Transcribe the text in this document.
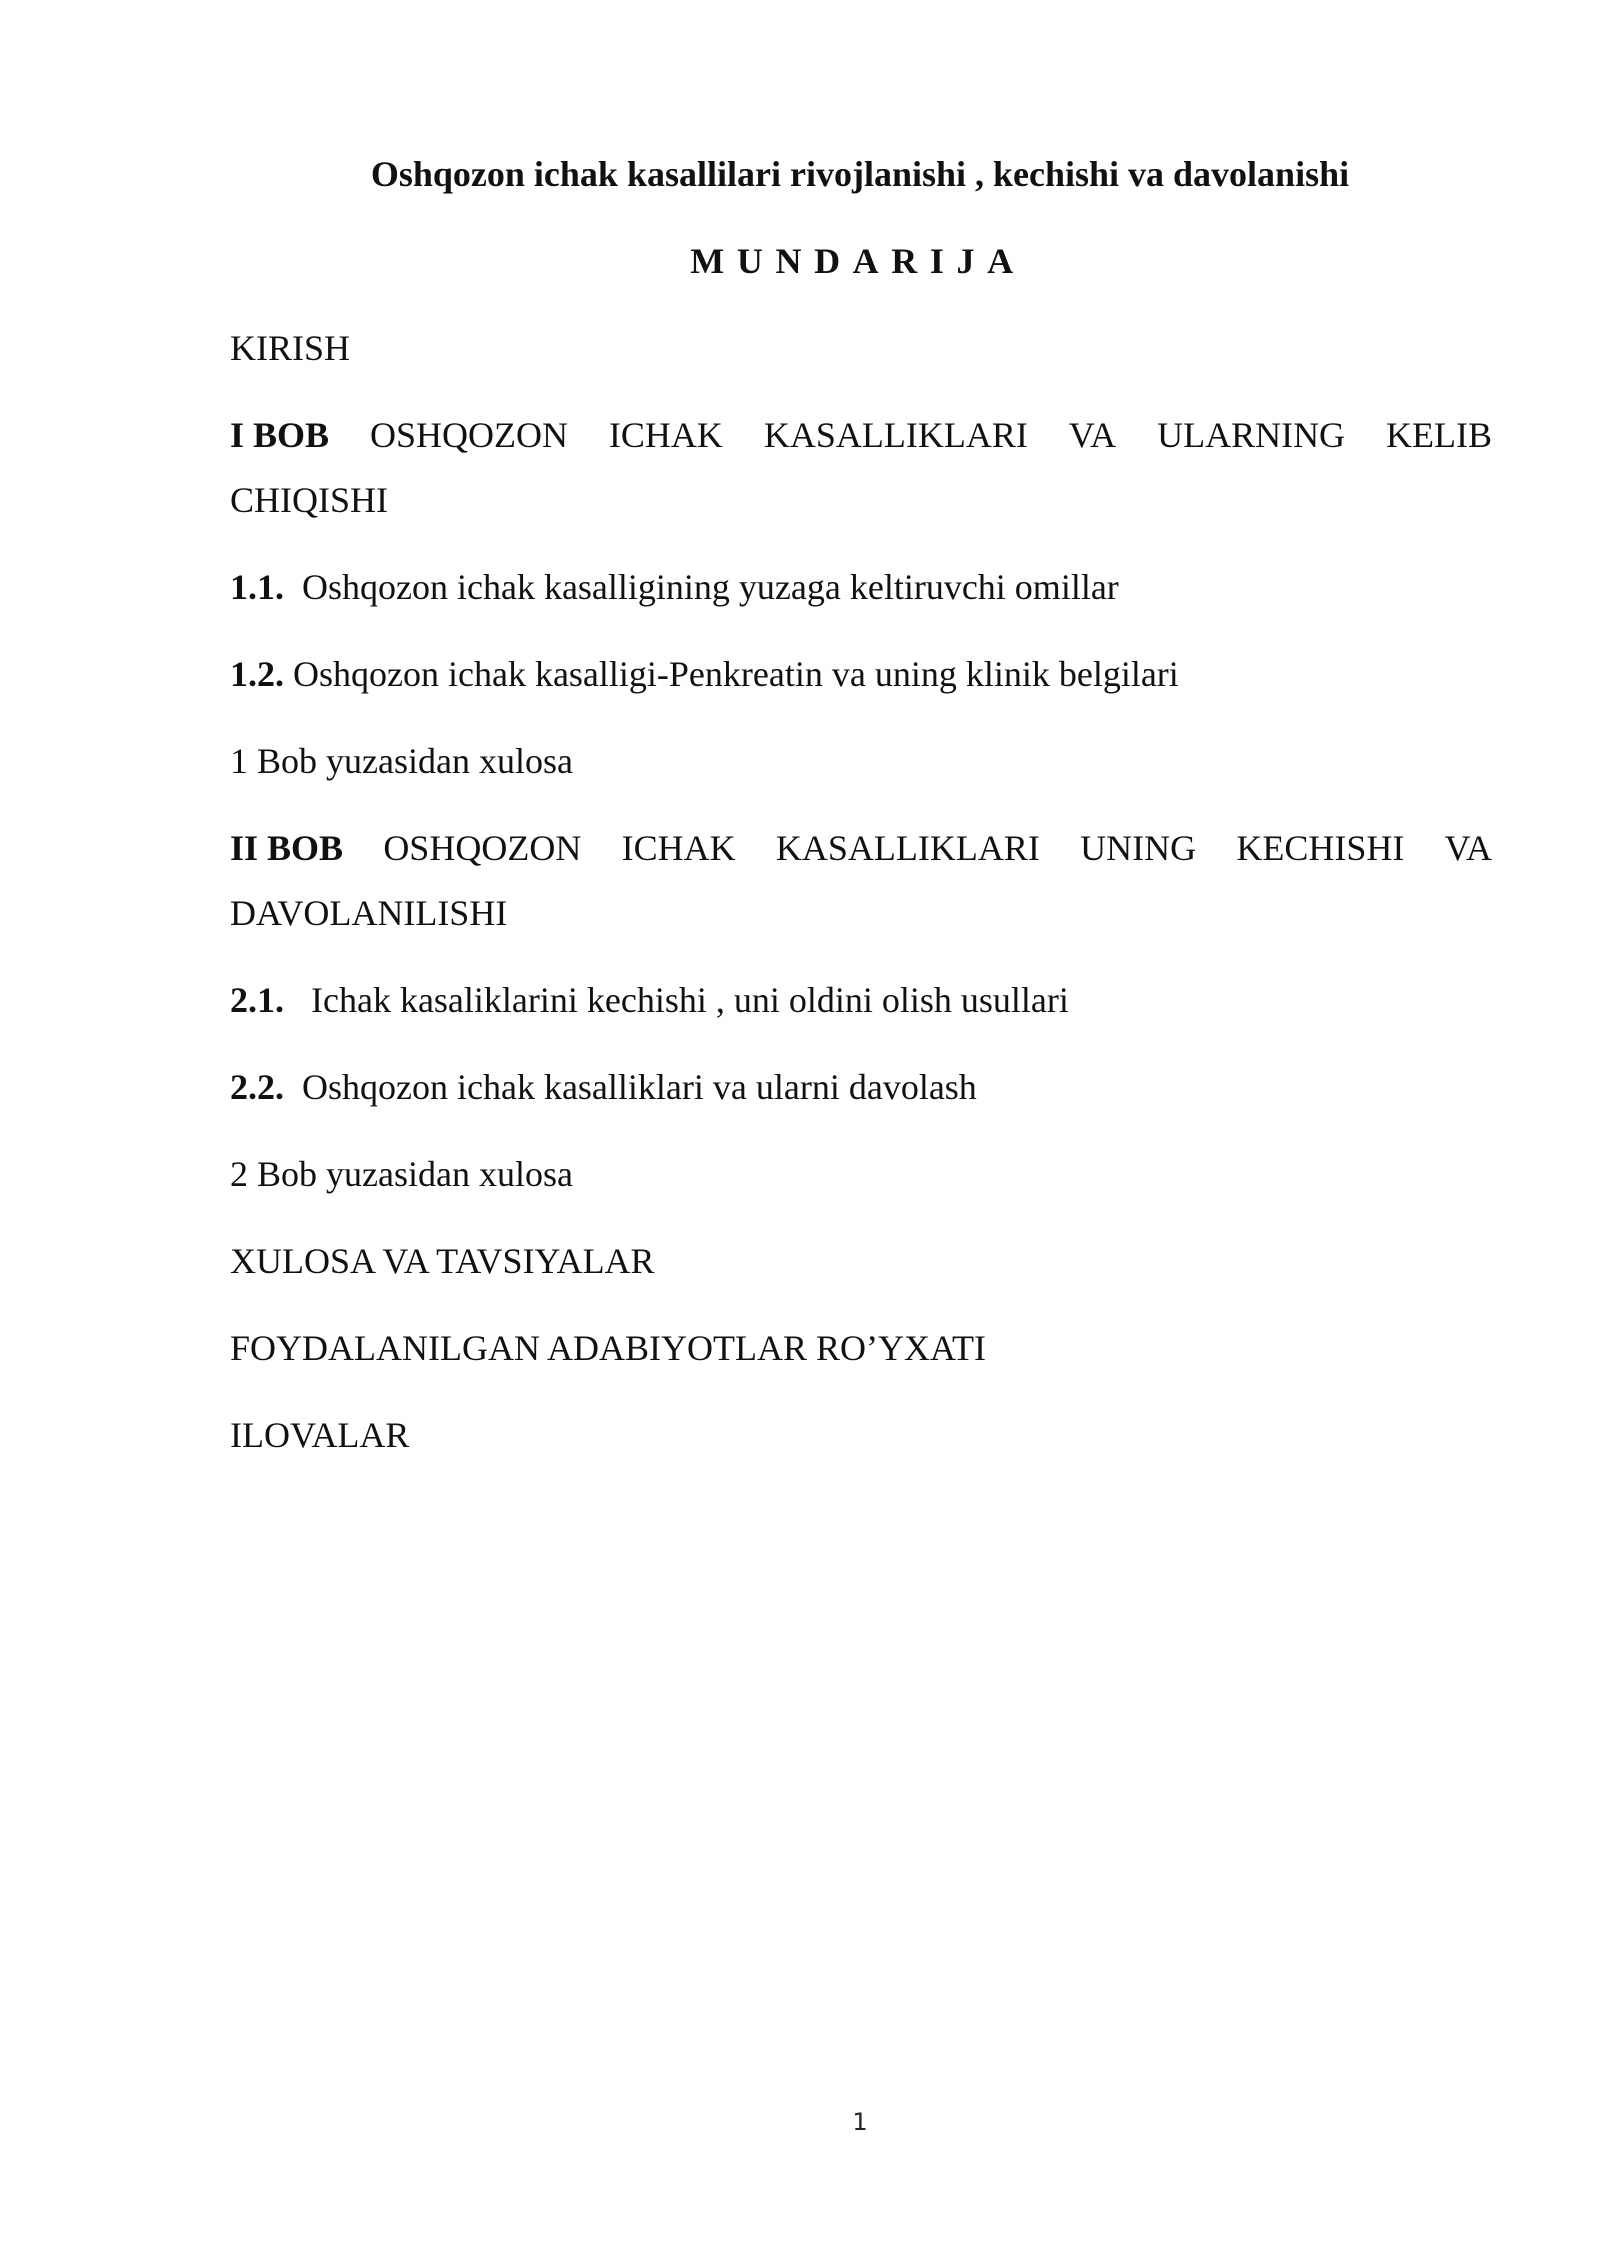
Oshqozon ichak kasallilari rivojlanishi , kechishi va davolanishi
MUNDARIJA
KIRISH
I BOB OSHQOZON ICHAK KASALLIKLARI VA ULARNING KELIB
CHIQISHI
1.1. Oshqozon ichak kasalligining yuzaga keltiruvchi omillar
1.2. Oshqozon ichak kasalligi-Penkreatin va uning klinik belgilari
1 Bob yuzasidan xulosa
II BOB OSHQOZON ICHAK KASALLIKLARI UNING KECHISHI VA
DAVOLANILISHI
2.1. Ichak kasaliklarini kechishi , uni oldini olish usullari
2.2. Oshqozon ichak kasalliklari va ularni davolash
2 Bob yuzasidan xulosa
XULOSA VA TAVSIYALAR
FOYDALANILGAN ADABIYOTLAR RO’YXATI
ILOVALAR
1
